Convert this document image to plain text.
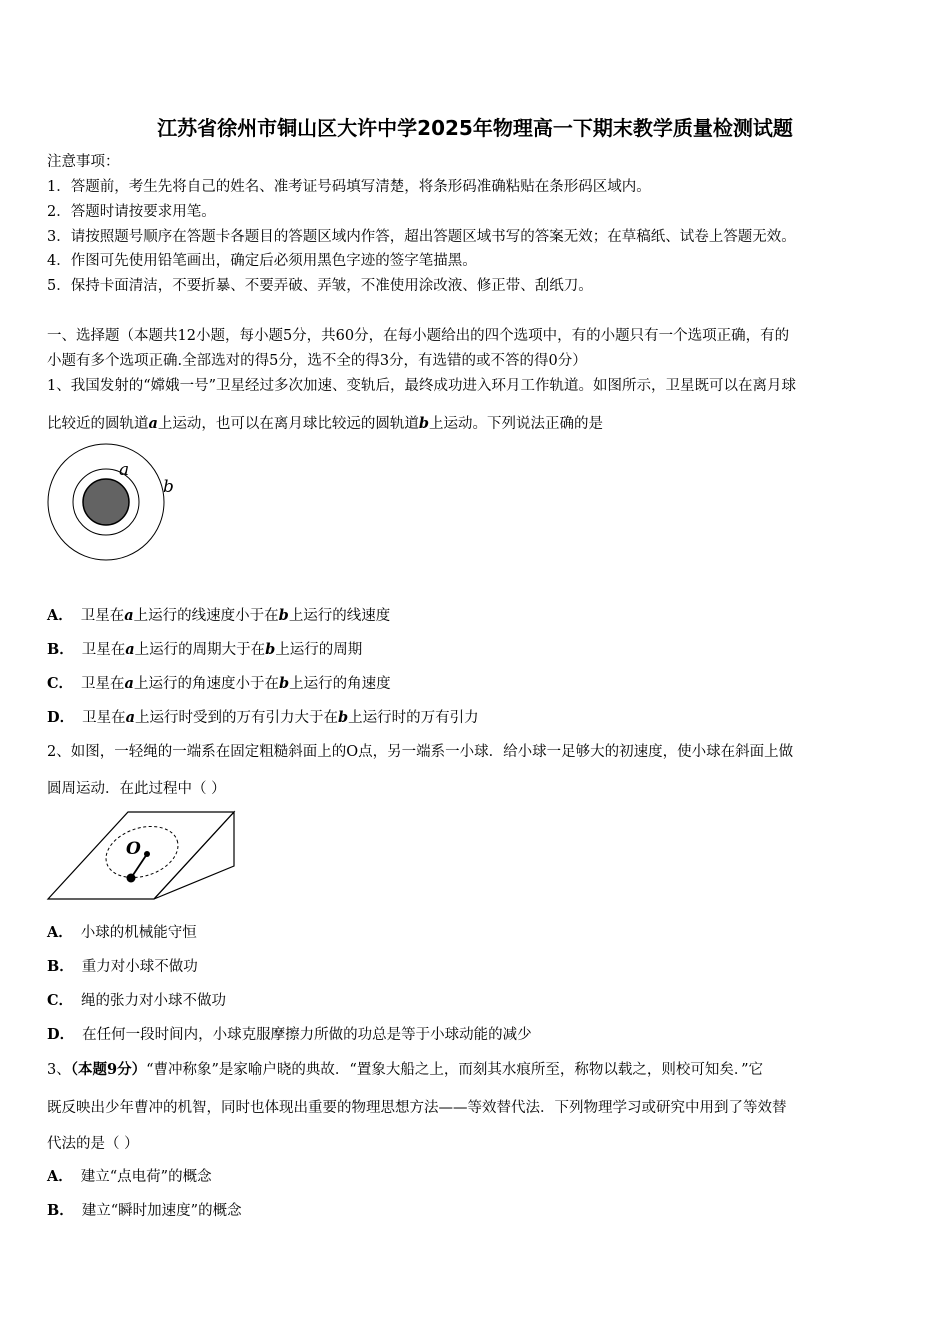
江苏省徐州市铜山区大许中学2025年物理高一下期末教学质量检测试题
注意事项：
1．答题前，考生先将自己的姓名、准考证号码填写清楚，将条形码准确粘贴在条形码区域内。
2．答题时请按要求用笔。
3．请按照题号顺序在答题卡各题目的答题区域内作答，超出答题区域书写的答案无效；在草稿纸、试卷上答题无效。
4．作图可先使用铅笔画出，确定后必须用黑色字迹的签字笔描黑。
5．保持卡面清洁，不要折暴、不要弄破、弄皱，不准使用涂改液、修正带、刮纸刀。
一、选择题（本题共12小题，每小题5分，共60分，在每小题给出的四个选项中，有的小题只有一个选项正确，有的
小题有多个选项正确.全部选对的得5分，选不全的得3分，有选错的或不答的得0分）
1、我国发射的“嫦娥一号”卫星经过多次加速、变轨后，最终成功进入环月工作轨道。如图所示，卫星既可以在离月球
比较近的圆轨道a上运动，也可以在离月球比较远的圆轨道b上运动。下列说法正确的是
a
b
A． 卫星在a上运行的线速度小于在b上运行的线速度
B． 卫星在a上运行的周期大于在b上运行的周期
C． 卫星在a上运行的角速度小于在b上运行的角速度
D． 卫星在a上运行时受到的万有引力大于在b上运行时的万有引力
2、如图，一轻绳的一端系在固定粗糙斜面上的O点，另一端系一小球．给小球一足够大的初速度，使小球在斜面上做
圆周运动．在此过程中（ ）
O
A． 小球的机械能守恒
B． 重力对小球不做功
C． 绳的张力对小球不做功
D． 在任何一段时间内，小球克服摩擦力所做的功总是等于小球动能的减少
3、（本题9分）“曹冲称象”是家喻户晓的典故．“置象大船之上，而刻其水痕所至，称物以载之，则校可知矣．”它
既反映出少年曹冲的机智，同时也体现出重要的物理思想方法——等效替代法．下列物理学习或研究中用到了等效替
代法的是（ ）
A． 建立“点电荷”的概念
B． 建立“瞬时加速度”的概念
